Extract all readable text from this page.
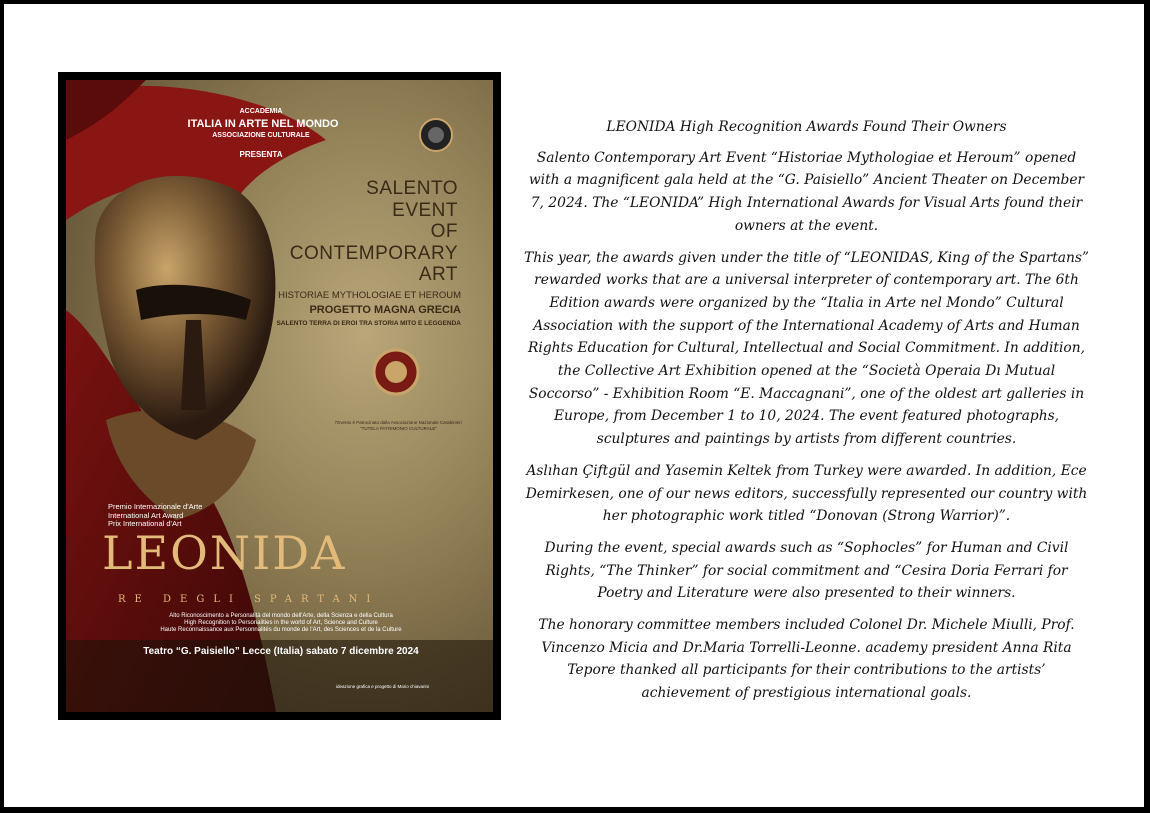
ACCADEMIA
ITALIA IN ARTE NEL MONDO
ASSOCIAZIONE CULTURALE
PRESENTA
SALENTO
EVENT
OF
CONTEMPORARY
ART
HISTORIAE MYTHOLOGIAE ET HEROUM
PROGETTO MAGNA GRECIA
SALENTO TERRA DI EROI TRA STORIA MITO E LEGGENDA
l'Evento è Patrocinato dalla Associazione Nazionale Carabinieri
"TUTELA PATRIMONIO CULTURALE"
Premio Internazionale d'Arte
International Art Award
Prix International d'Art
LEONIDA
RE DEGLI SPARTANI
Alto Riconoscimento a Personalità del mondo dell'Arte, della Scienza e della Cultura
High Recognition to Personalities in the world of Art, Science and Culture
Haute Reconnaissance aux Personnalités du monde de l'Art, des Sciences et de la Culture
Teatro “G. Paisiello” Lecce (Italia) sabato 7 dicembre 2024
ideazione grafica e progetto di Mario chiavarini
LEONIDA High Recognition Awards Found Their Owners

Salento Contemporary Art Event “Historiae Mythologiae et Heroum” opened with a magnificent gala held at the “G. Paisiello” Ancient Theater on December 7, 2024. The “LEONIDA” High International Awards for Visual Arts found their owners at the event.

This year, the awards given under the title of “LEONIDAS, King of the Spartans” rewarded works that are a universal interpreter of contemporary art. The 6th Edition awards were organized by the “Italia in Arte nel Mondo” Cultural Association with the support of the International Academy of Arts and Human Rights Education for Cultural, Intellectual and Social Commitment. In addition, the Collective Art Exhibition opened at the “Società Operaia Dı Mutual Soccorso” - Exhibition Room “E. Maccagnani”, one of the oldest art galleries in Europe, from December 1 to 10, 2024. The event featured photographs, sculptures and paintings by artists from different countries.

Aslıhan Çiftgül and Yasemin Keltek from Turkey were awarded. In addition, Ece Demirkesen, one of our news editors, successfully represented our country with her photographic work titled “Donovan (Strong Warrior)”.

During the event, special awards such as “Sophocles” for Human and Civil Rights, “The Thinker” for social commitment and “Cesira Doria Ferrari for Poetry and Literature were also presented to their winners.

The honorary committee members included Colonel Dr. Michele Miulli, Prof. Vincenzo Micia and Dr.Maria Torrelli-Leonne. academy president Anna Rita Tepore thanked all participants for their contributions to the artists’ achievement of prestigious international goals.
